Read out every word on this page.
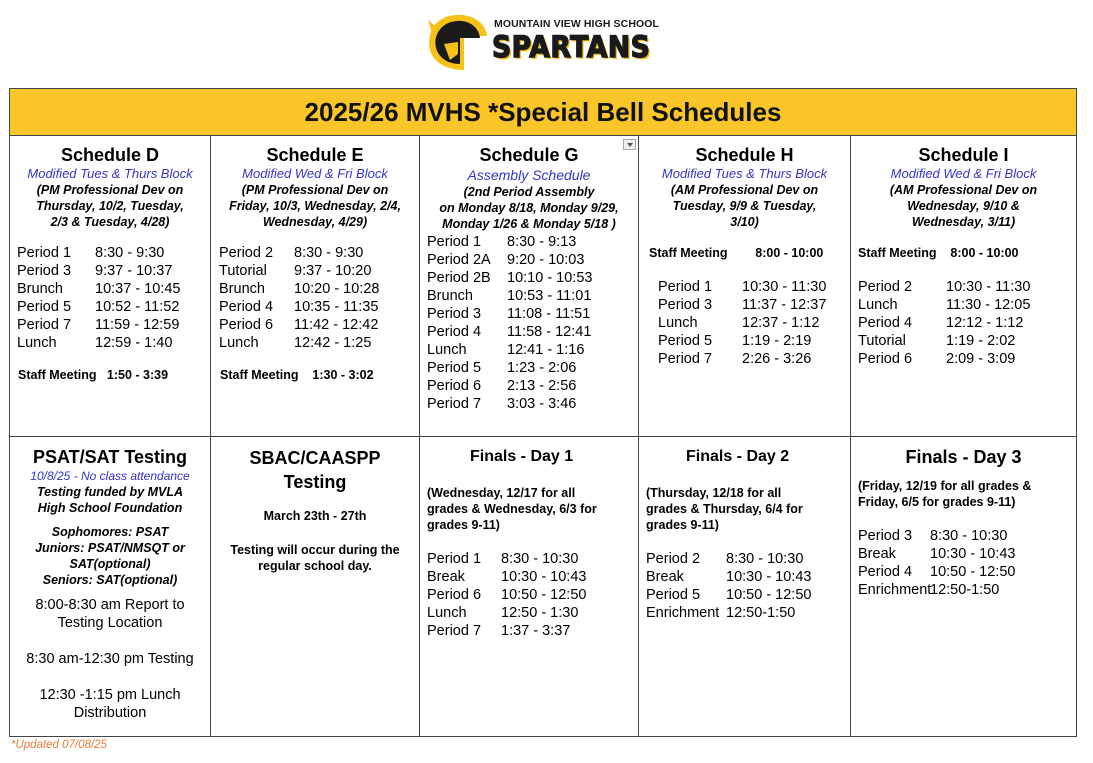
MOUNTAIN VIEW HIGH SCHOOL
SPARTANS
2025/26 MVHS *Special Bell Schedules
Schedule D
Modified Tues & Thurs Block
(PM Professional Dev on
Thursday, 10/2, Tuesday,
2/3 & Tuesday, 4/28)
Period 1 8:30 - 9:30
Period 3 9:37 - 10:37
Brunch 10:37 - 10:45
Period 5 10:52 - 11:52
Period 7 11:59 - 12:59
Lunch	12:59 - 1:40
Staff Meeting 1:50 - 3:39
Schedule E
Modified Wed & Fri Block
(PM Professional Dev on
Friday, 10/3, Wednesday, 2/4,
Wednesday, 4/29)
Period 2 8:30 - 9:30
Tutorial 9:37 - 10:20
Brunch 10:20 - 10:28
Period 4 10:35 - 11:35
Period 6 11:42 - 12:42
Lunch 12:42 - 1:25
Staff Meeting 1:30 - 3:02
Schedule G
Assembly Schedule
(2nd Period Assembly
on Monday 8/18, Monday 9/29,
Monday 1/26 & Monday 5/18 )
Period 1 8:30 - 9:13
Period 2A 9:20 - 10:03
Period 2B 10:10 - 10:53
Brunch 10:53 - 11:01
Period 3 11:08 - 11:51
Period 4 11:58 - 12:41
Lunch	12:41 - 1:16
Period 5 1:23 - 2:06
Period 6 2:13 - 2:56
Period 7 3:03 - 3:46
Schedule H
Modified Tues & Thurs Block
(AM Professional Dev on
Tuesday, 9/9 & Tuesday,
3/10)
Staff Meeting 8:00 - 10:00
Period 1 10:30 - 11:30
Period 3 11:37 - 12:37
Lunch	12:37 - 1:12
Period 5 1:19 - 2:19
Period 7 2:26 - 3:26
Schedule I
Modified Wed & Fri Block
(AM Professional Dev on
Wednesday, 9/10 &
Wednesday, 3/11)
Staff Meeting 8:00 - 10:00
Period 2 10:30 - 11:30
Lunch	11:30 - 12:05
Period 4 12:12 - 1:12
Tutorial	1:19 - 2:02
Period 6 2:09 - 3:09
PSAT/SAT Testing
10/8/25 - No class attendance
Testing funded by MVLA
High School Foundation
Sophomores: PSAT
Juniors: PSAT/NMSQT or
SAT(optional)
Seniors: SAT(optional)
8:00-8:30 am Report to
Testing Location
8:30 am-12:30 pm Testing
12:30 -1:15 pm Lunch
Distribution
SBAC/CAASPP
Testing
March 23th - 27th
Testing will occur during the
regular school day.
Finals - Day 1
(Wednesday, 12/17 for all
grades & Wednesday, 6/3 for
grades 9-11)
Period 1 8:30 - 10:30
Break 10:30 - 10:43
Period 6 10:50 - 12:50
Lunch 12:50 - 1:30
Period 7 1:37 - 3:37
Finals - Day 2
(Thursday, 12/18 for all
grades & Thursday, 6/4 for
grades 9-11)
Period 2 8:30 - 10:30
Break	10:30 - 10:43
Period 5 10:50 - 12:50
Enrichment 12:50-1:50
Finals - Day 3
(Friday, 12/19 for all grades &
Friday, 6/5 for grades 9-11)
Period 3 8:30 - 10:30
Break 10:30 - 10:43
Period 4 10:50 - 12:50
Enrichment12:50-1:50
*Updated 07/08/25
